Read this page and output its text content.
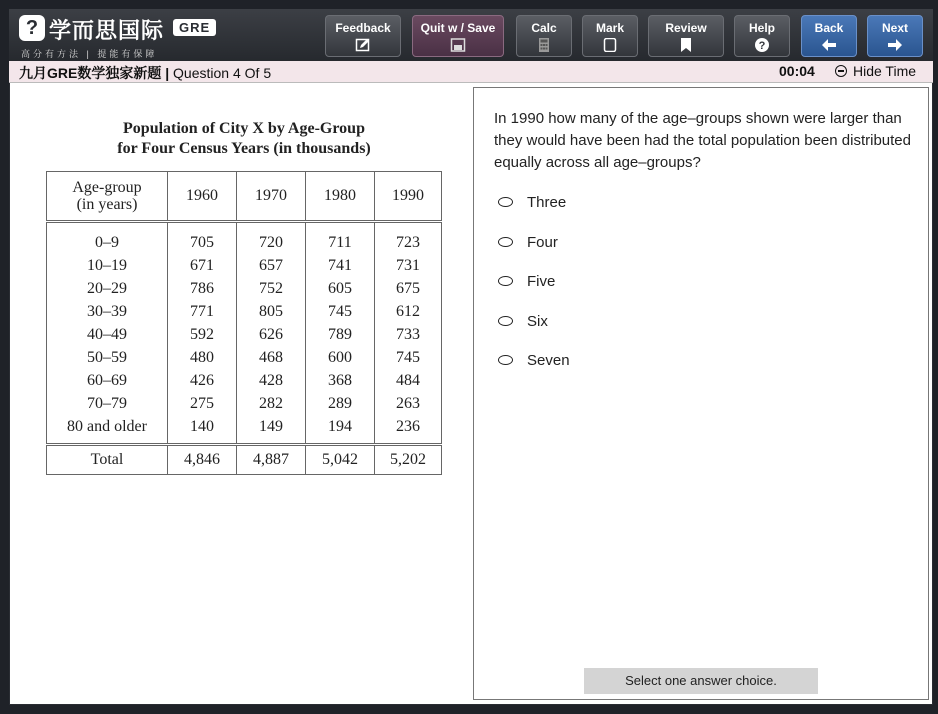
? 学而思国际	GRE
高分有方法 | 提能有保障
Feedback	Quit w / Save	Calc	Mark	Review	Help
?
Back	Next
九月GRE数学独家新题 | Question 4 Of 5	00:04	Hide Time
Population of City X by Age-Group
for Four Census Years (in thousands)
Age-group
(in years)	1960	1970	1980	1990
0–9	705	720	711	723
10–19	671	657	741	731
20–29	786	752	605	675
30–39	771	805	745	612
40–49	592	626	789	733
50–59	480	468	600	745
60–69	426	428	368	484
70–79	275	282	289	263
80 and older	140	149	194	236
Total	4,846	4,887	5,042	5,202
In 1990 how many of the age–groups shown were larger than they would have been had the total population been distributed equally across all age–groups?
Three
Four
Five
Six
Seven
Select one answer choice.
